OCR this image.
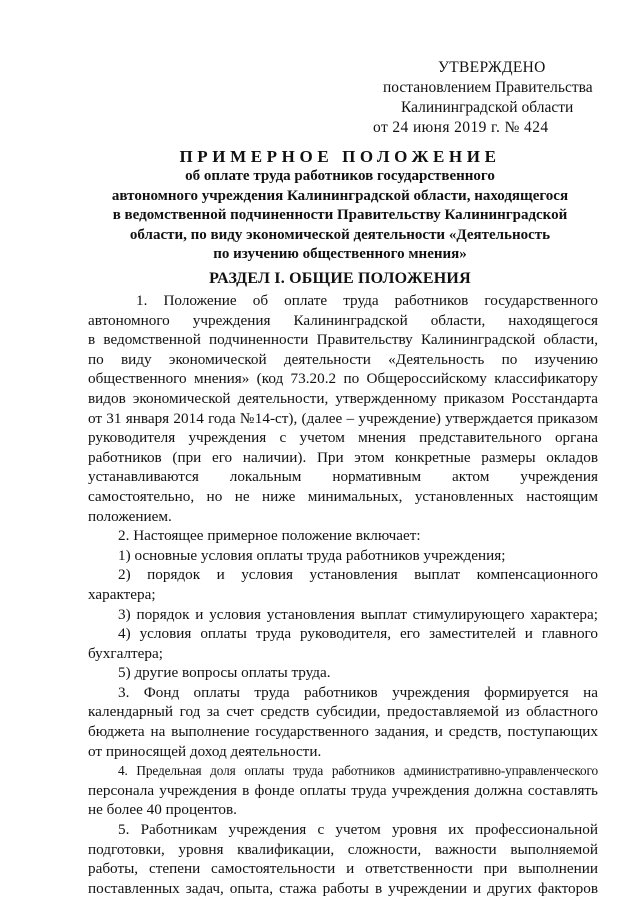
УТВЕРЖДЕНО
постановлением Правительства
Калининградской области
от 24 июня 2019 г. № 424
ПРИМЕРНОЕ ПОЛОЖЕНИЕ
об оплате труда работников государственного
автономного учреждения Калининградской области, находящегося
в ведомственной подчиненности Правительству Калининградской
области, по виду экономической деятельности «Деятельность
по изучению общественного мнения»
РАЗДЕЛ I. ОБЩИЕ ПОЛОЖЕНИЯ
1. Положение об оплате труда работников государственного
автономного учреждения Калининградской области, находящегося
в ведомственной подчиненности Правительству Калининградской области,
по виду экономической деятельности «Деятельность по изучению
общественного мнения» (код 73.20.2 по Общероссийскому классификатору
видов экономической деятельности, утвержденному приказом Росстандарта
от 31 января 2014 года №14-ст), (далее – учреждение) утверждается приказом
руководителя учреждения с учетом мнения представительного органа
работников (при его наличии). При этом конкретные размеры окладов
устанавливаются локальным нормативным актом учреждения
самостоятельно, но не ниже минимальных, установленных настоящим
положением.
2. Настоящее примерное положение включает:
1) основные условия оплаты труда работников учреждения;
2) порядок и условия установления выплат компенсационного
характера;
3) порядок и условия установления выплат стимулирующего характера;
4) условия оплаты труда руководителя, его заместителей и главного
бухгалтера;
5) другие вопросы оплаты труда.
3. Фонд оплаты труда работников учреждения формируется на
календарный год за счет средств субсидии, предоставляемой из областного
бюджета на выполнение государственного задания, и средств, поступающих
от приносящей доход деятельности.
4. Предельная доля оплаты труда работников административно-управленческого
персонала учреждения в фонде оплаты труда учреждения должна составлять
не более 40 процентов.
5. Работникам учреждения с учетом уровня их профессиональной
подготовки, уровня квалификации, сложности, важности выполняемой
работы, степени самостоятельности и ответственности при выполнении
поставленных задач, опыта, стажа работы в учреждении и других факторов
